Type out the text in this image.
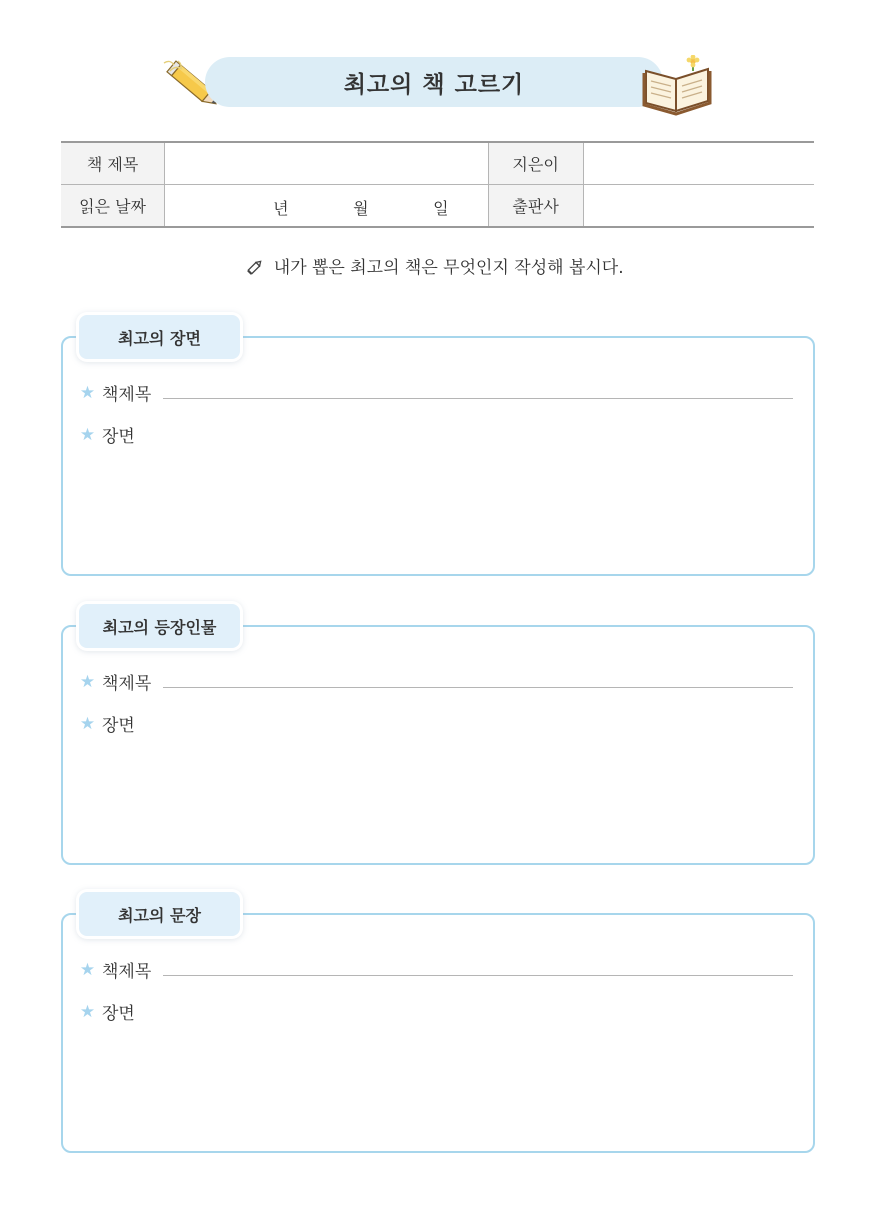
최고의 책 고르기
책 제목		지은이	
읽은 날짜	년 월 일	출판사	
내가 뽑은 최고의 책은 무엇인지 작성해 봅시다.
최고의 장면
★ 책제목
★ 장면
최고의 등장인물
★ 책제목
★ 장면
최고의 문장
★ 책제목
★ 장면
